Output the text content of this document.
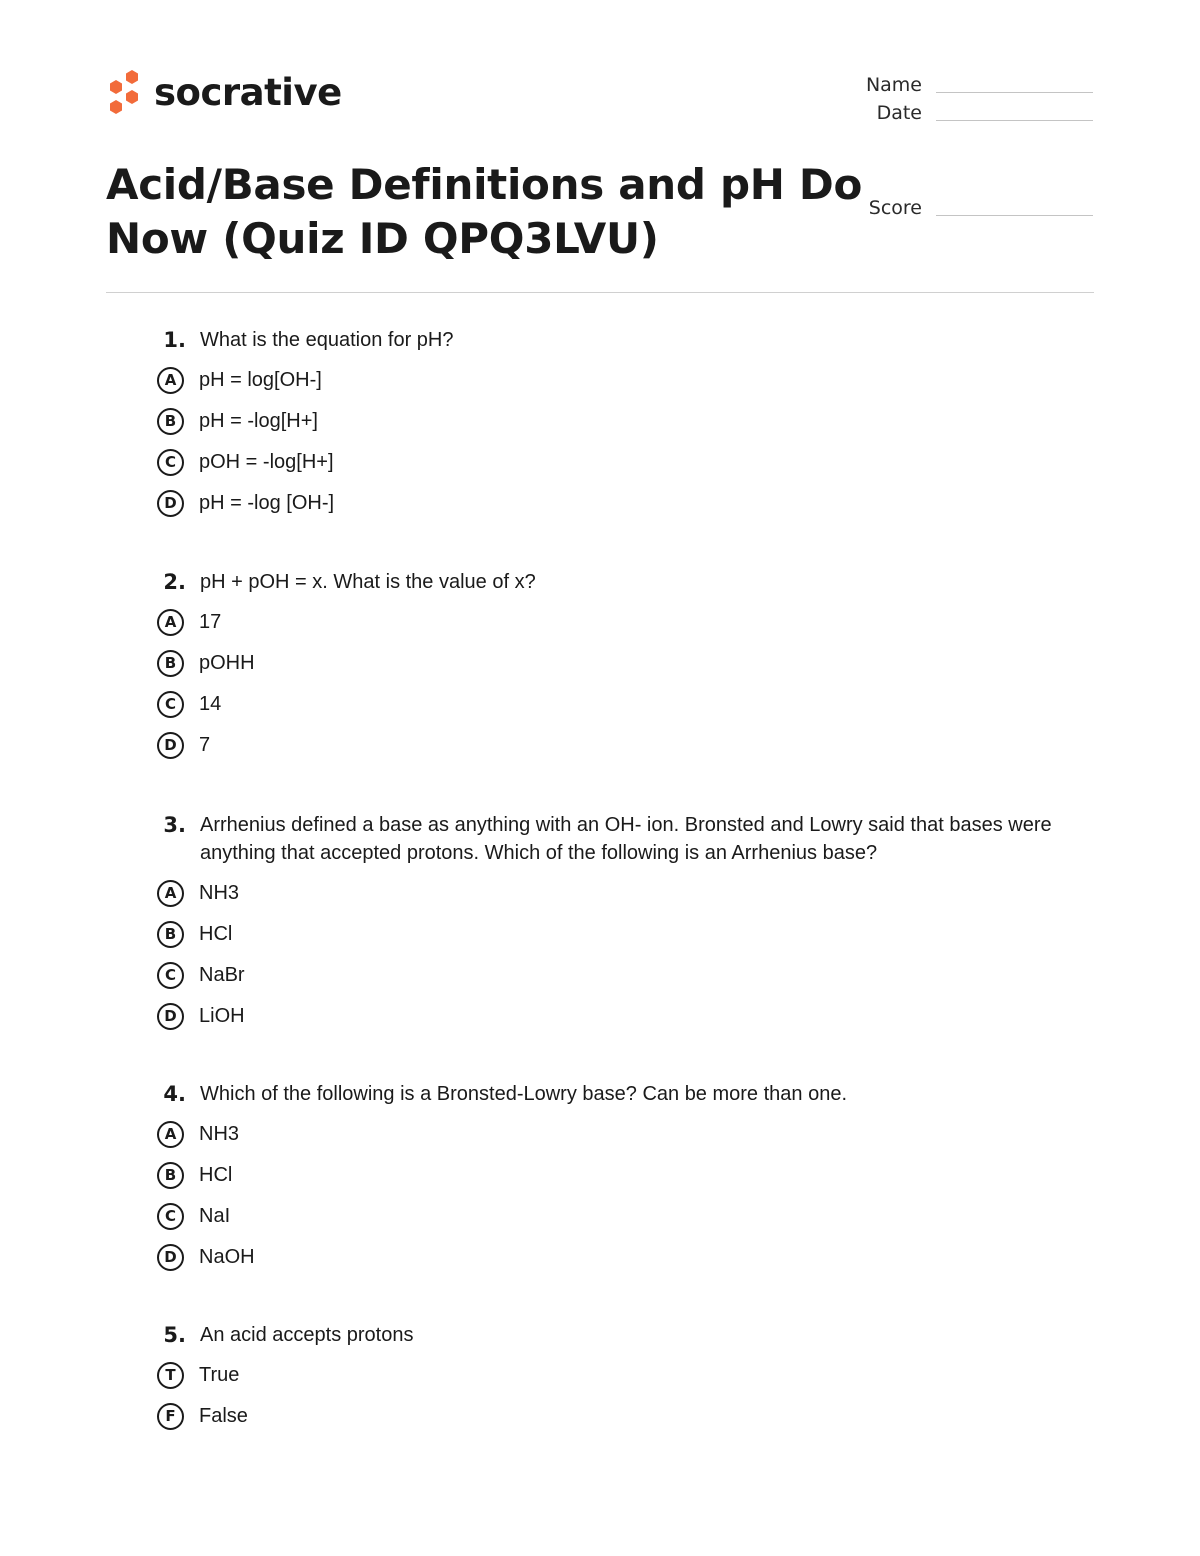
socrative	Name
Date
Score
Acid/Base Definitions and pH Do Now (Quiz ID QPQ3LVU)
1. What is the equation for pH?
A	pH = log[OH-]
B	pH = -log[H+]
C	pOH = -log[H+]
D	pH = -log [OH-]
2. pH + pOH = x. What is the value of x?
A	17
B	pOHH
C	14
D	7
3. Arrhenius defined a base as anything with an OH- ion. Bronsted and Lowry said that bases were anything that accepted protons. Which of the following is an Arrhenius base?
A	NH3
B	HCl
C	NaBr
D	LiOH
4. Which of the following is a Bronsted-Lowry base? Can be more than one.
A	NH3
B	HCl
C	NaI
D	NaOH
5. An acid accepts protons
T	True
F	False
